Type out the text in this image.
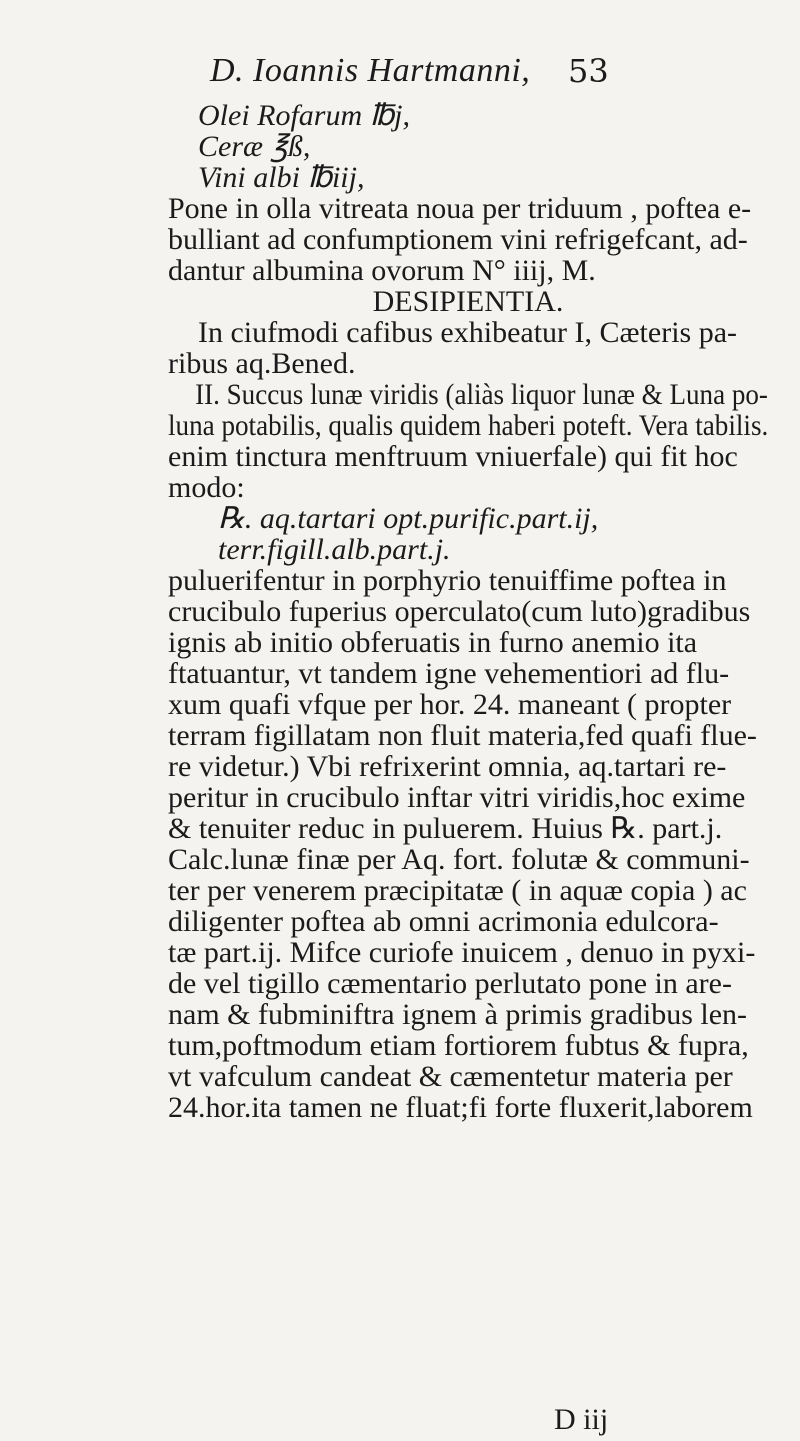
D. Ioannis Hartmanni, 53
Olei Rofarum ℔j,
Ceræ ℥ß,
Vini albi ℔iij,
Pone in olla vitreata noua per triduum , poftea e-
bulliant ad confumptionem vini refrigefcant, ad-
dantur albumina ovorum N° iiij, M.
DESIPIENTIA.
In ciufmodi cafibus exhibeatur I, Cæteris pa-
ribus aq.Bened.
II. Succus lunæ viridis (aliàs liquor lunæ & Luna po-
luna potabilis, qualis quidem haberi poteft. Vera tabilis.
enim tinctura menftruum vniuerfale) qui fit hoc
modo:
℞. aq.tartari opt.purific.part.ij,
terr.figill.alb.part.j.
puluerifentur in porphyrio tenuiffime poftea in
crucibulo fuperius operculato(cum luto)gradibus
ignis ab initio obferuatis in furno anemio ita
ftatuantur, vt tandem igne vehementiori ad flu-
xum quafi vfque per hor. 24. maneant ( propter
terram figillatam non fluit materia,fed quafi flue-
re videtur.) Vbi refrixerint omnia, aq.tartari re-
peritur in crucibulo inftar vitri viridis,hoc exime
& tenuiter reduc in puluerem. Huius ℞. part.j.
Calc.lunæ finæ per Aq. fort. folutæ & communi-
ter per venerem præcipitatæ ( in aquæ copia ) ac
diligenter poftea ab omni acrimonia edulcora-
tæ part.ij. Mifce curiofe inuicem , denuo in pyxi-
de vel tigillo cæmentario perlutato pone in are-
nam & fubminiftra ignem à primis gradibus len-
tum,poftmodum etiam fortiorem fubtus & fupra,
vt vafculum candeat & cæmentetur materia per
24.hor.ita tamen ne fluat;fi forte fluxerit,laborem
D iij
